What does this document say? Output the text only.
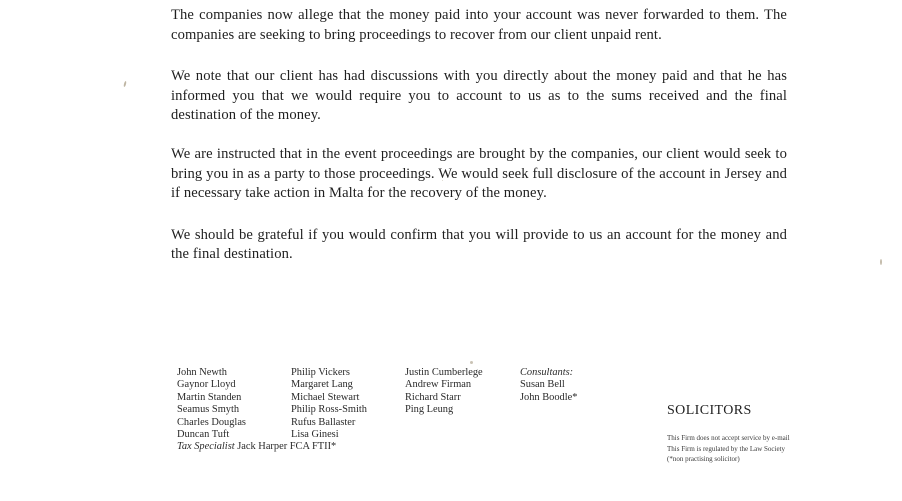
The companies now allege that the money paid into your account was never forwarded to them. The companies are seeking to bring proceedings to recover from our client unpaid rent.

We note that our client has had discussions with you directly about the money paid and that he has informed you that we would require you to account to us as to the sums received and the final destination of the money.

We are instructed that in the event proceedings are brought by the companies, our client would seek to bring you in as a party to those proceedings. We would seek full disclosure of the account in Jersey and if necessary take action in Malta for the recovery of the money.

We should be grateful if you would confirm that you will provide to us an account for the money and the final destination.

John Newth
Gaynor Lloyd
Martin Standen
Seamus Smyth
Charles Douglas
Duncan Tuft
Philip Vickers
Margaret Lang
Michael Stewart
Philip Ross-Smith
Rufus Ballaster
Lisa Ginesi
Justin Cumberlege
Andrew Firman
Richard Starr
Ping Leung
Consultants:
Susan Bell
John Boodle*
Tax Specialist Jack Harper FCA FTII*
SOLICITORS
This Firm does not accept service by e-mail
This Firm is regulated by the Law Society
(*non practising solicitor)
